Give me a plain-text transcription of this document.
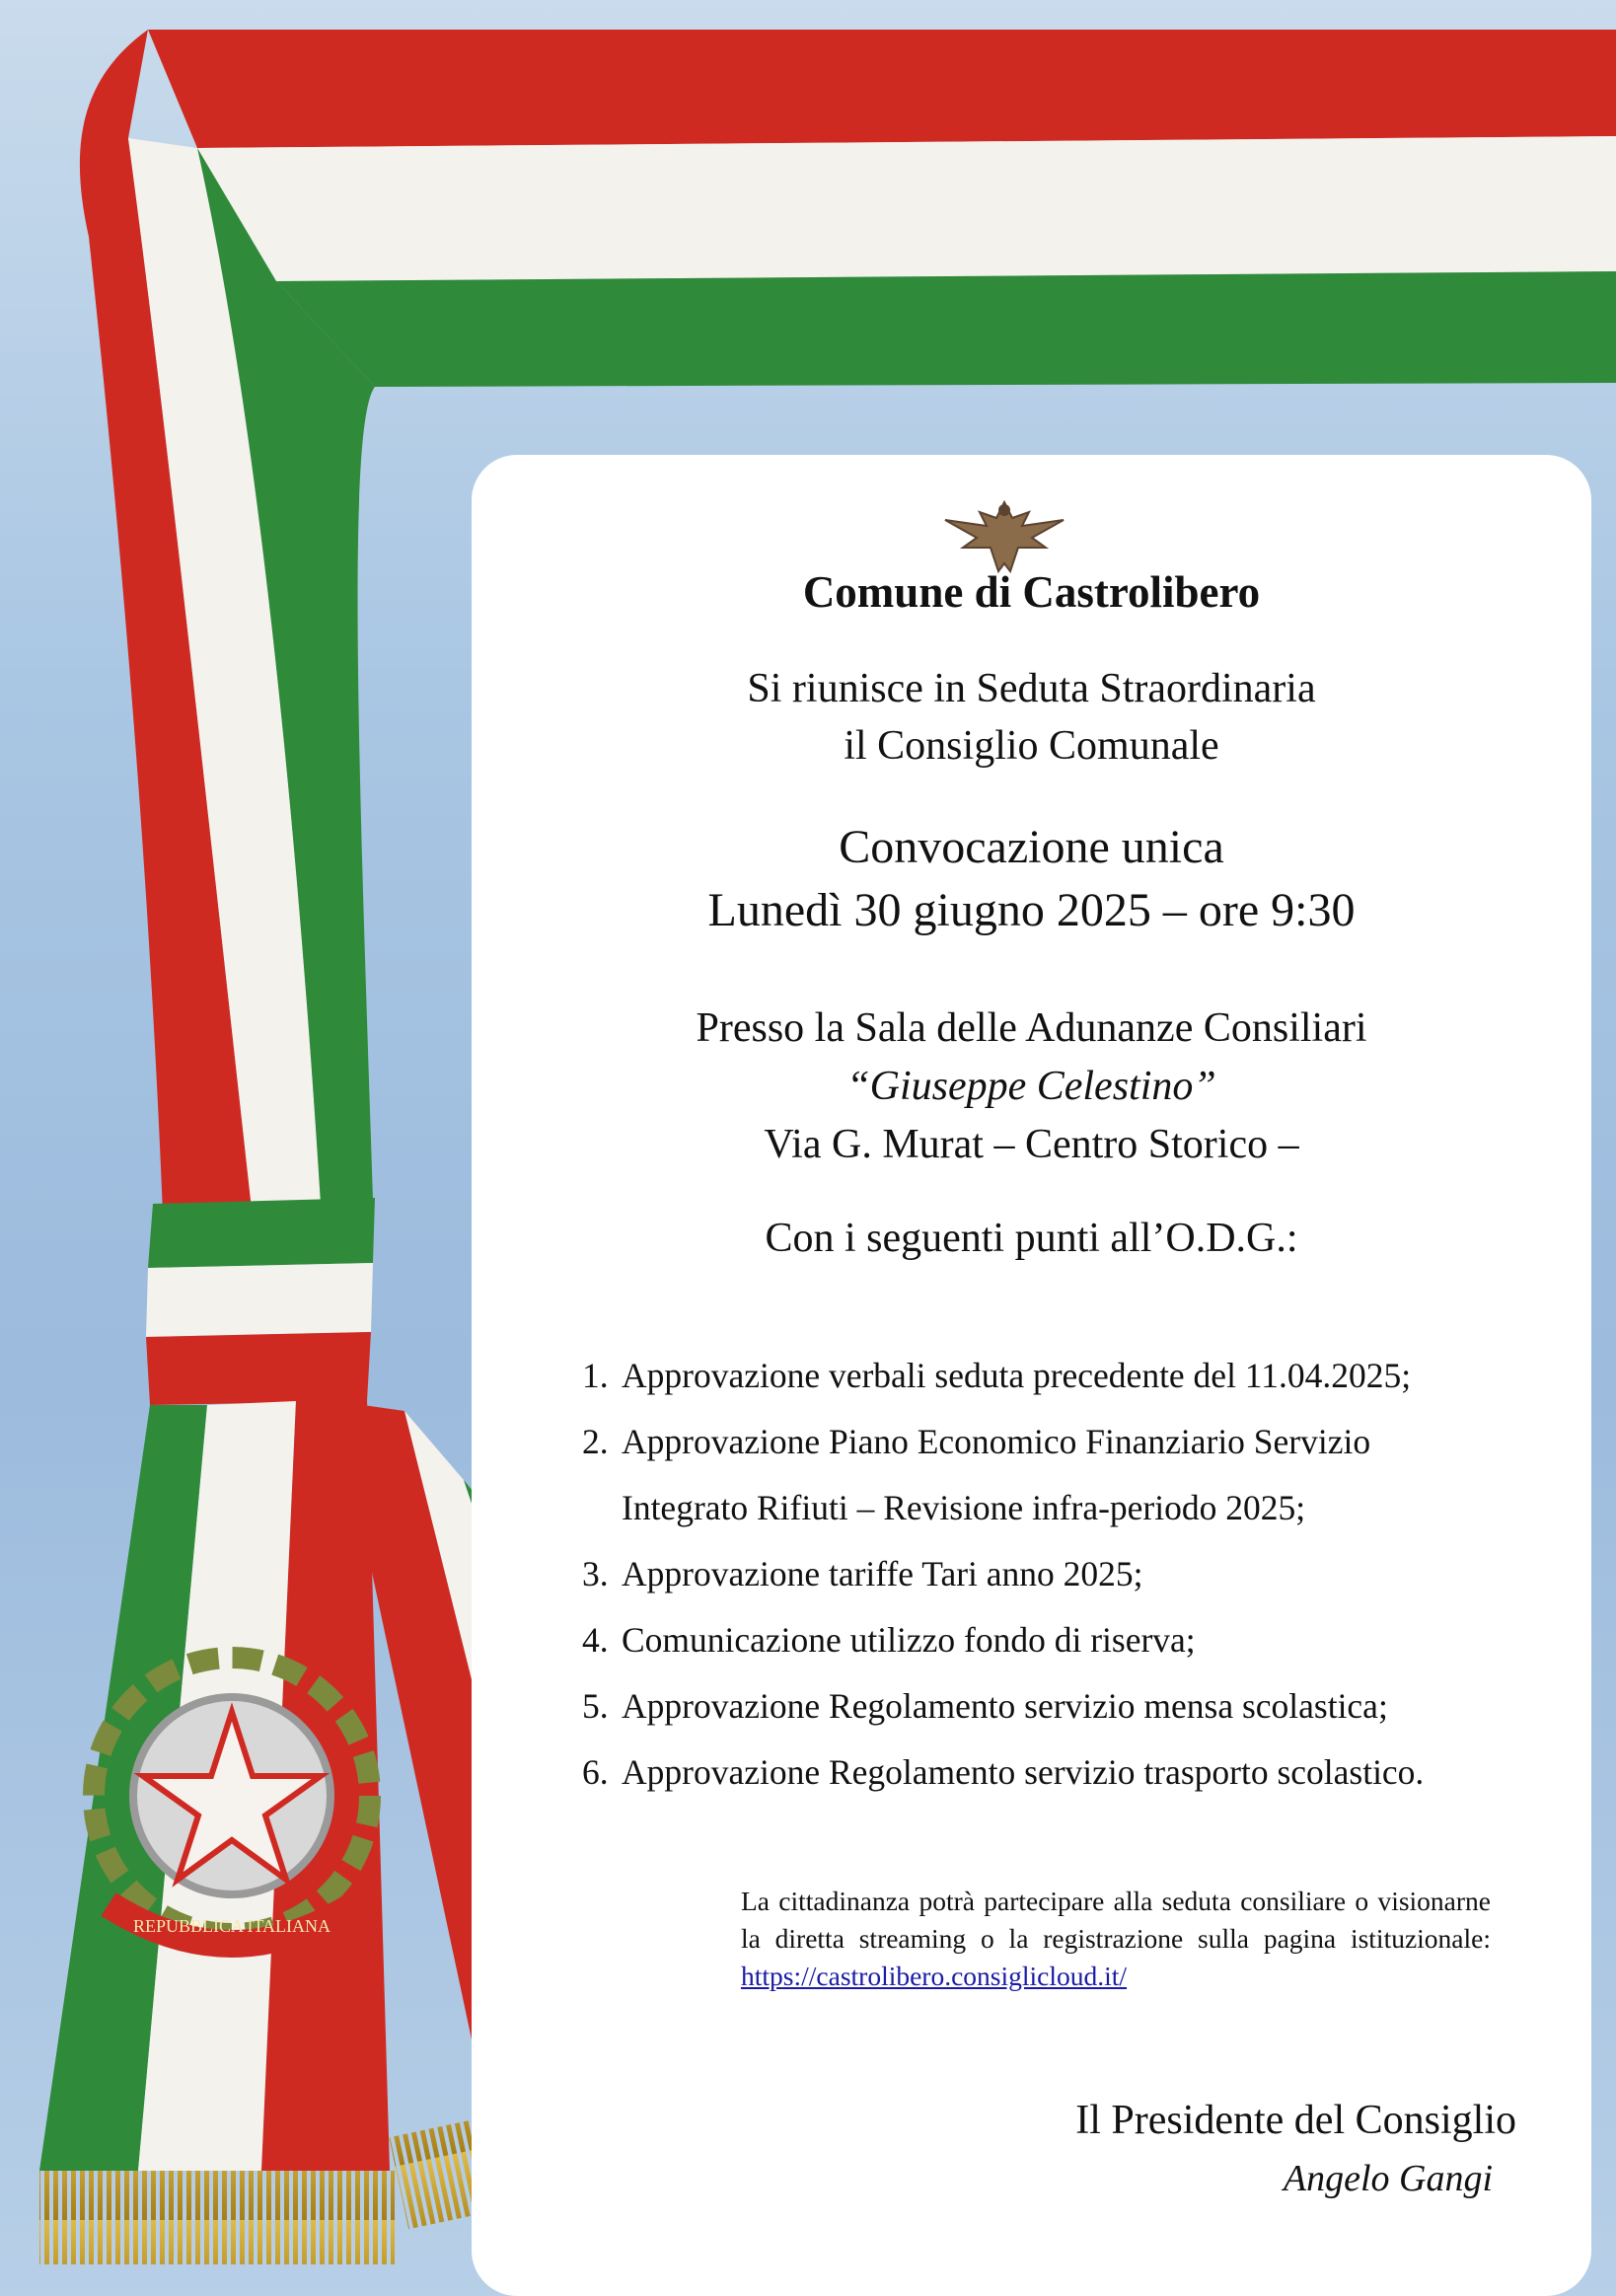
REPUBBLICA ITALIANA
Comune di Castrolibero
Si riunisce in Seduta Straordinaria
il Consiglio Comunale
Convocazione unica
Lunedì 30 giugno 2025 – ore 9:30
Presso la Sala delle Adunanze Consiliari
“Giuseppe Celestino”
Via G. Murat – Centro Storico –
Con i seguenti punti all’O.D.G.:
1. Approvazione verbali seduta precedente del 11.04.2025;
2. Approvazione Piano Economico Finanziario Servizio
Integrato Rifiuti – Revisione infra-periodo 2025;
3. Approvazione tariffe Tari anno 2025;
4. Comunicazione utilizzo fondo di riserva;
5. Approvazione Regolamento servizio mensa scolastica;
6. Approvazione Regolamento servizio trasporto scolastico.
La cittadinanza potrà partecipare alla seduta consiliare o visionarne la diretta streaming o la registrazione sulla pagina istituzionale: https://castrolibero.consiglicloud.it/
Il Presidente del Consiglio
Angelo Gangi
